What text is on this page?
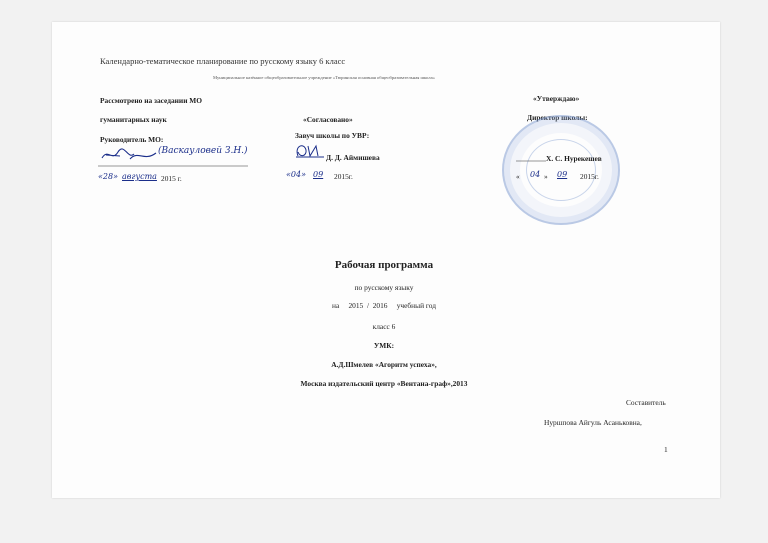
Календарно-тематическое планирование по русскому языку 6 класс
Муниципальное казённое общеобразовательное учреждение «Тюринская основная общеобразовательная школа»
Рассмотрено на заседании МО
гуманитарных наук
Руководитель МО:
(Васкауловей З.Н.)
«28» августа 2015 г.
«Согласовано»
Завуч школы по УВР:
Д. Д. Аймишева
«04» 09 2015г.
«Утверждаю»
Директор школы:
Х. С. Нурекешев
« 04 » 09 2015г.
Рабочая программа
по русскому языку
на     2015  /  2016     учебный год
класс 6
УМК:
А.Д.Шмелев «Агоритм успеха»,
Москва издательский центр «Вентана-граф»,2013
Составитель
Нуршпова Айгуль Асаньковна,
1
